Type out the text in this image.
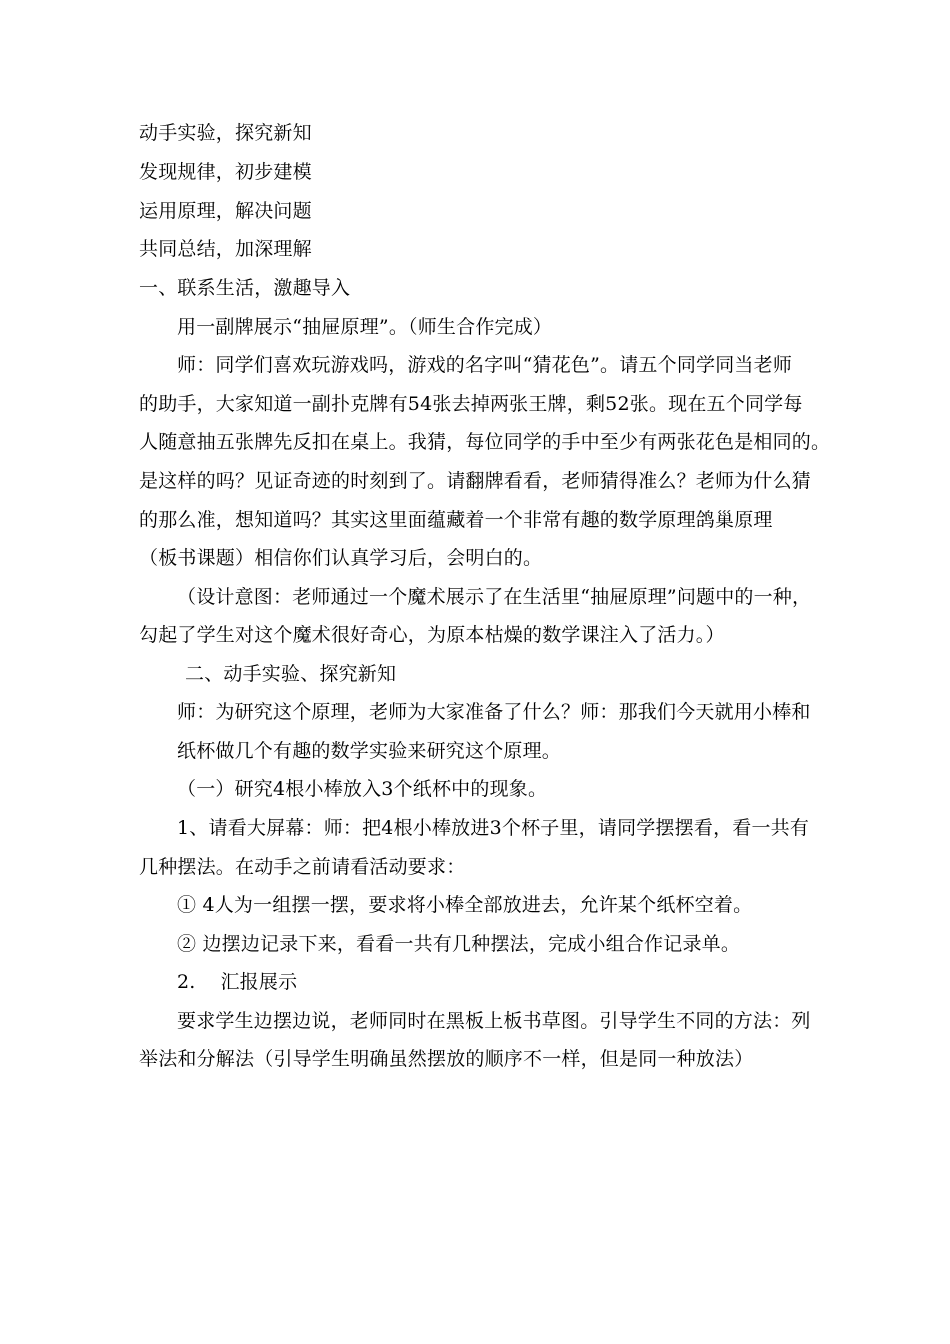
动手实验，探究新知
发现规律，初步建模
运用原理，解决问题
共同总结，加深理解
一、联系生活，激趣导入
用一副牌展示“抽屉原理”。（师生合作完成）
师：同学们喜欢玩游戏吗，游戏的名字叫“猜花色”。请五个同学同当老师
的助手，大家知道一副扑克牌有54张去掉两张王牌，剩52张。现在五个同学每
人随意抽五张牌先反扣在桌上。我猜，每位同学的手中至少有两张花色是相同的。
是这样的吗？见证奇迹的时刻到了。请翻牌看看，老师猜得准么？老师为什么猜
的那么准，想知道吗？其实这里面蕴藏着一个非常有趣的数学原理鸽巢原理
（板书课题）相信你们认真学习后，会明白的。
（设计意图：老师通过一个魔术展示了在生活里“抽屉原理”问题中的一种，
勾起了学生对这个魔术很好奇心，为原本枯燥的数学课注入了活力。）
二、动手实验、探究新知
师：为研究这个原理，老师为大家准备了什么？师：那我们今天就用小棒和
纸杯做几个有趣的数学实验来研究这个原理。
（一）研究4根小棒放入3个纸杯中的现象。
1、请看大屏幕：师：把4根小棒放进3个杯子里，请同学摆摆看，看一共有
几种摆法。在动手之前请看活动要求：
① 4人为一组摆一摆，要求将小棒全部放进去，允许某个纸杯空着。
② 边摆边记录下来，看看一共有几种摆法，完成小组合作记录单。
2.    汇报展示
要求学生边摆边说，老师同时在黑板上板书草图。引导学生不同的方法：列
举法和分解法（引导学生明确虽然摆放的顺序不一样，但是同一种放法）
